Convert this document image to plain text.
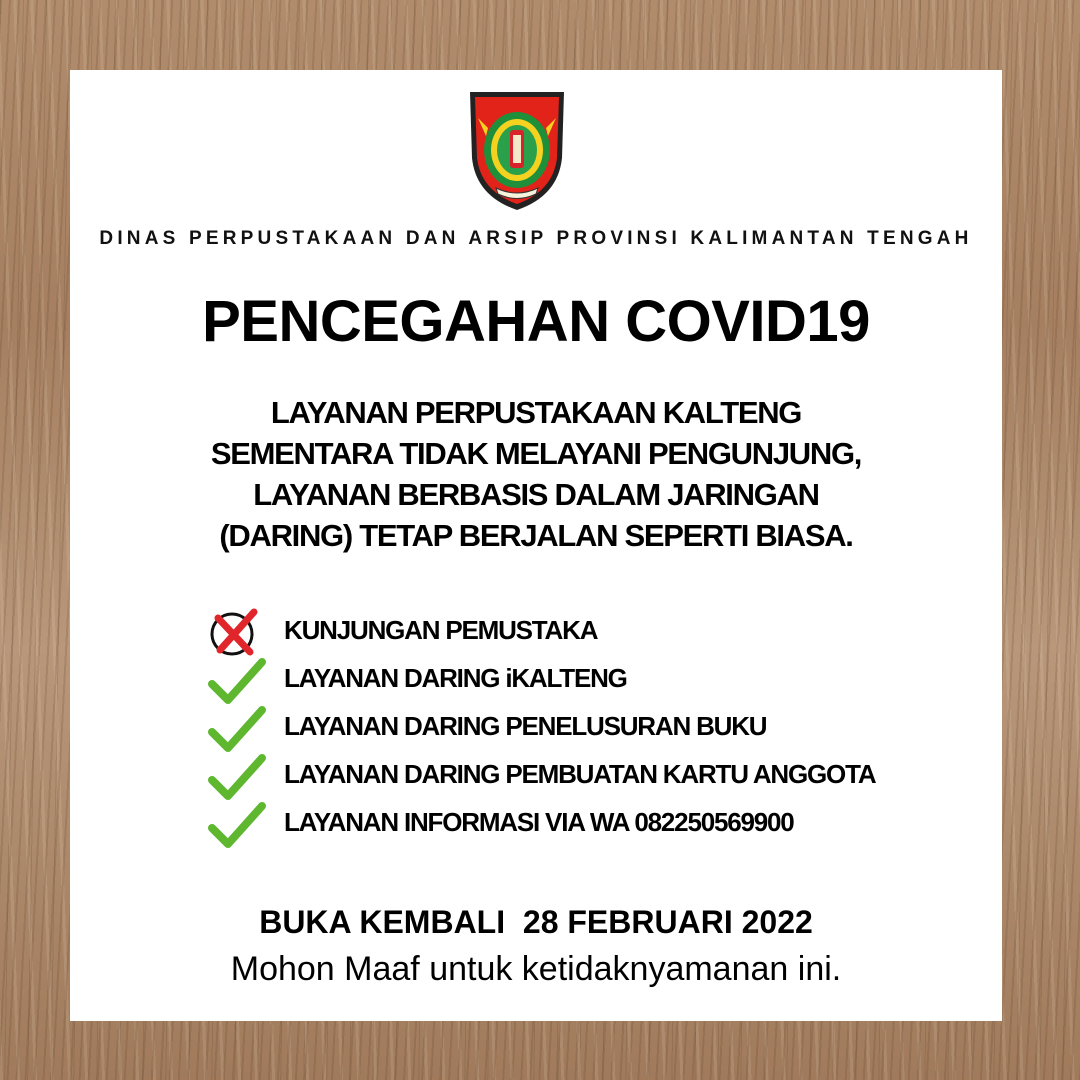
DINAS PERPUSTAKAAN DAN ARSIP PROVINSI KALIMANTAN TENGAH
PENCEGAHAN COVID19
LAYANAN PERPUSTAKAAN KALTENG
SEMENTARA TIDAK MELAYANI PENGUNJUNG,
LAYANAN BERBASIS DALAM JARINGAN
(DARING) TETAP BERJALAN SEPERTI BIASA.
KUNJUNGAN PEMUSTAKA
LAYANAN DARING iKALTENG
LAYANAN DARING PENELUSURAN BUKU
LAYANAN DARING PEMBUATAN KARTU ANGGOTA
LAYANAN INFORMASI VIA WA 082250569900
BUKA KEMBALI  28 FEBRUARI 2022
Mohon Maaf untuk ketidaknyamanan ini.
